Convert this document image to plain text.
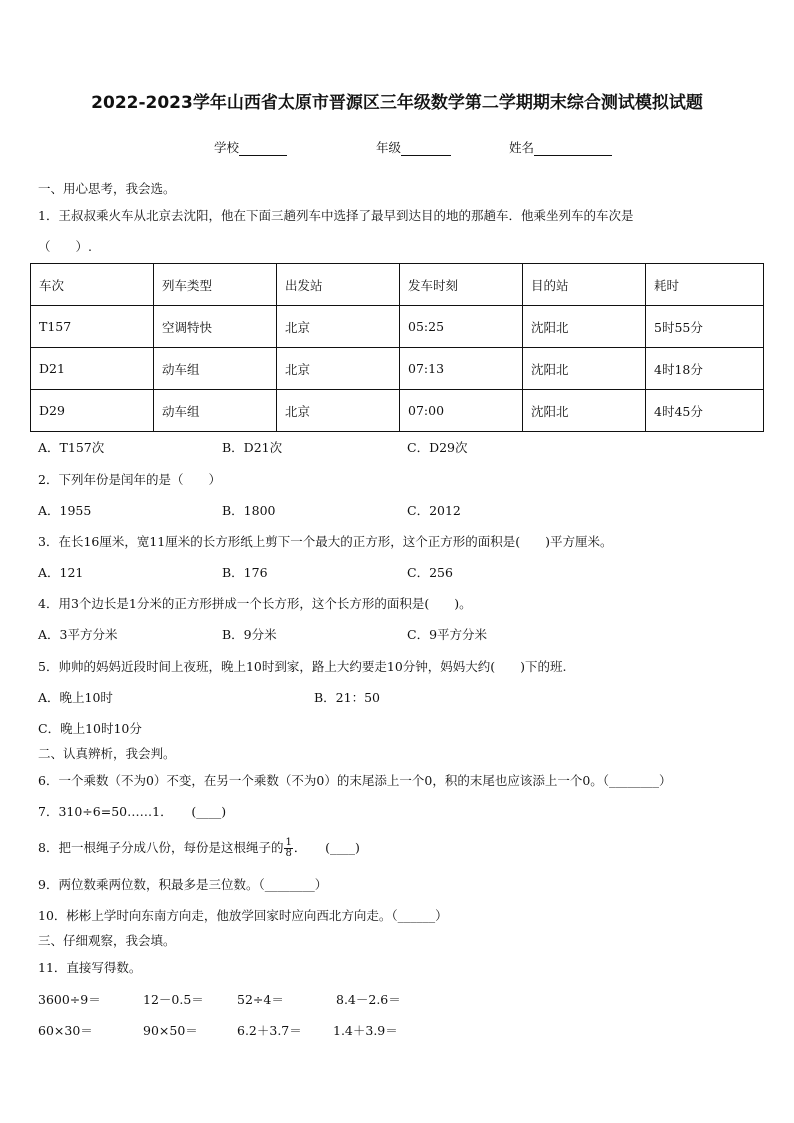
2022-2023学年山西省太原市晋源区三年级数学第二学期期末综合测试模拟试题
学校	年级	姓名
一、用心思考，我会选。
1．王叔叔乘火车从北京去沈阳，他在下面三趟列车中选择了最早到达目的地的那趟车．他乘坐列车的车次是
（　　）.
车次	列车类型	出发站	发车时刻	目的站	耗时
T157	空调特快	北京	05:25	沈阳北	5时55分
D21	动车组	北京	07:13	沈阳北	4时18分
D29	动车组	北京	07:00	沈阳北	4时45分
A．T157次	B．D21次	C．D29次
2．下列年份是闰年的是（　　）
A．1955	B．1800	C．2012
3．在长16厘米，宽11厘米的长方形纸上剪下一个最大的正方形，这个正方形的面积是(　　)平方厘米。
A．121	B．176	C．256
4．用3个边长是1分米的正方形拼成一个长方形，这个长方形的面积是(　　)。
A．3平方分米	B．9分米	C．9平方分米
5．帅帅的妈妈近段时间上夜班，晚上10时到家，路上大约要走10分钟，妈妈大约(　　)下的班.
A．晚上10时	B．21：50
C．晚上10时10分
二、认真辨析，我会判。
6．一个乘数（不为0）不变，在另一个乘数（不为0）的末尾添上一个0，积的末尾也应该添上一个0。（________）
7．310÷6=50……1．　　(____)
8．把一根绳子分成八份，每份是这根绳子的 $\frac{1}{8}$ ．　　(____)
9．两位数乘两位数，积最多是三位数。（________）
10．彬彬上学时向东南方向走，他放学回家时应向西北方向走。（______）
三、仔细观察，我会填。
11．直接写得数。
3600÷9＝	12－0.5＝	52÷4＝	8.4－2.6＝
60×30＝	90×50＝	6.2＋3.7＝ 1.4＋3.9＝
